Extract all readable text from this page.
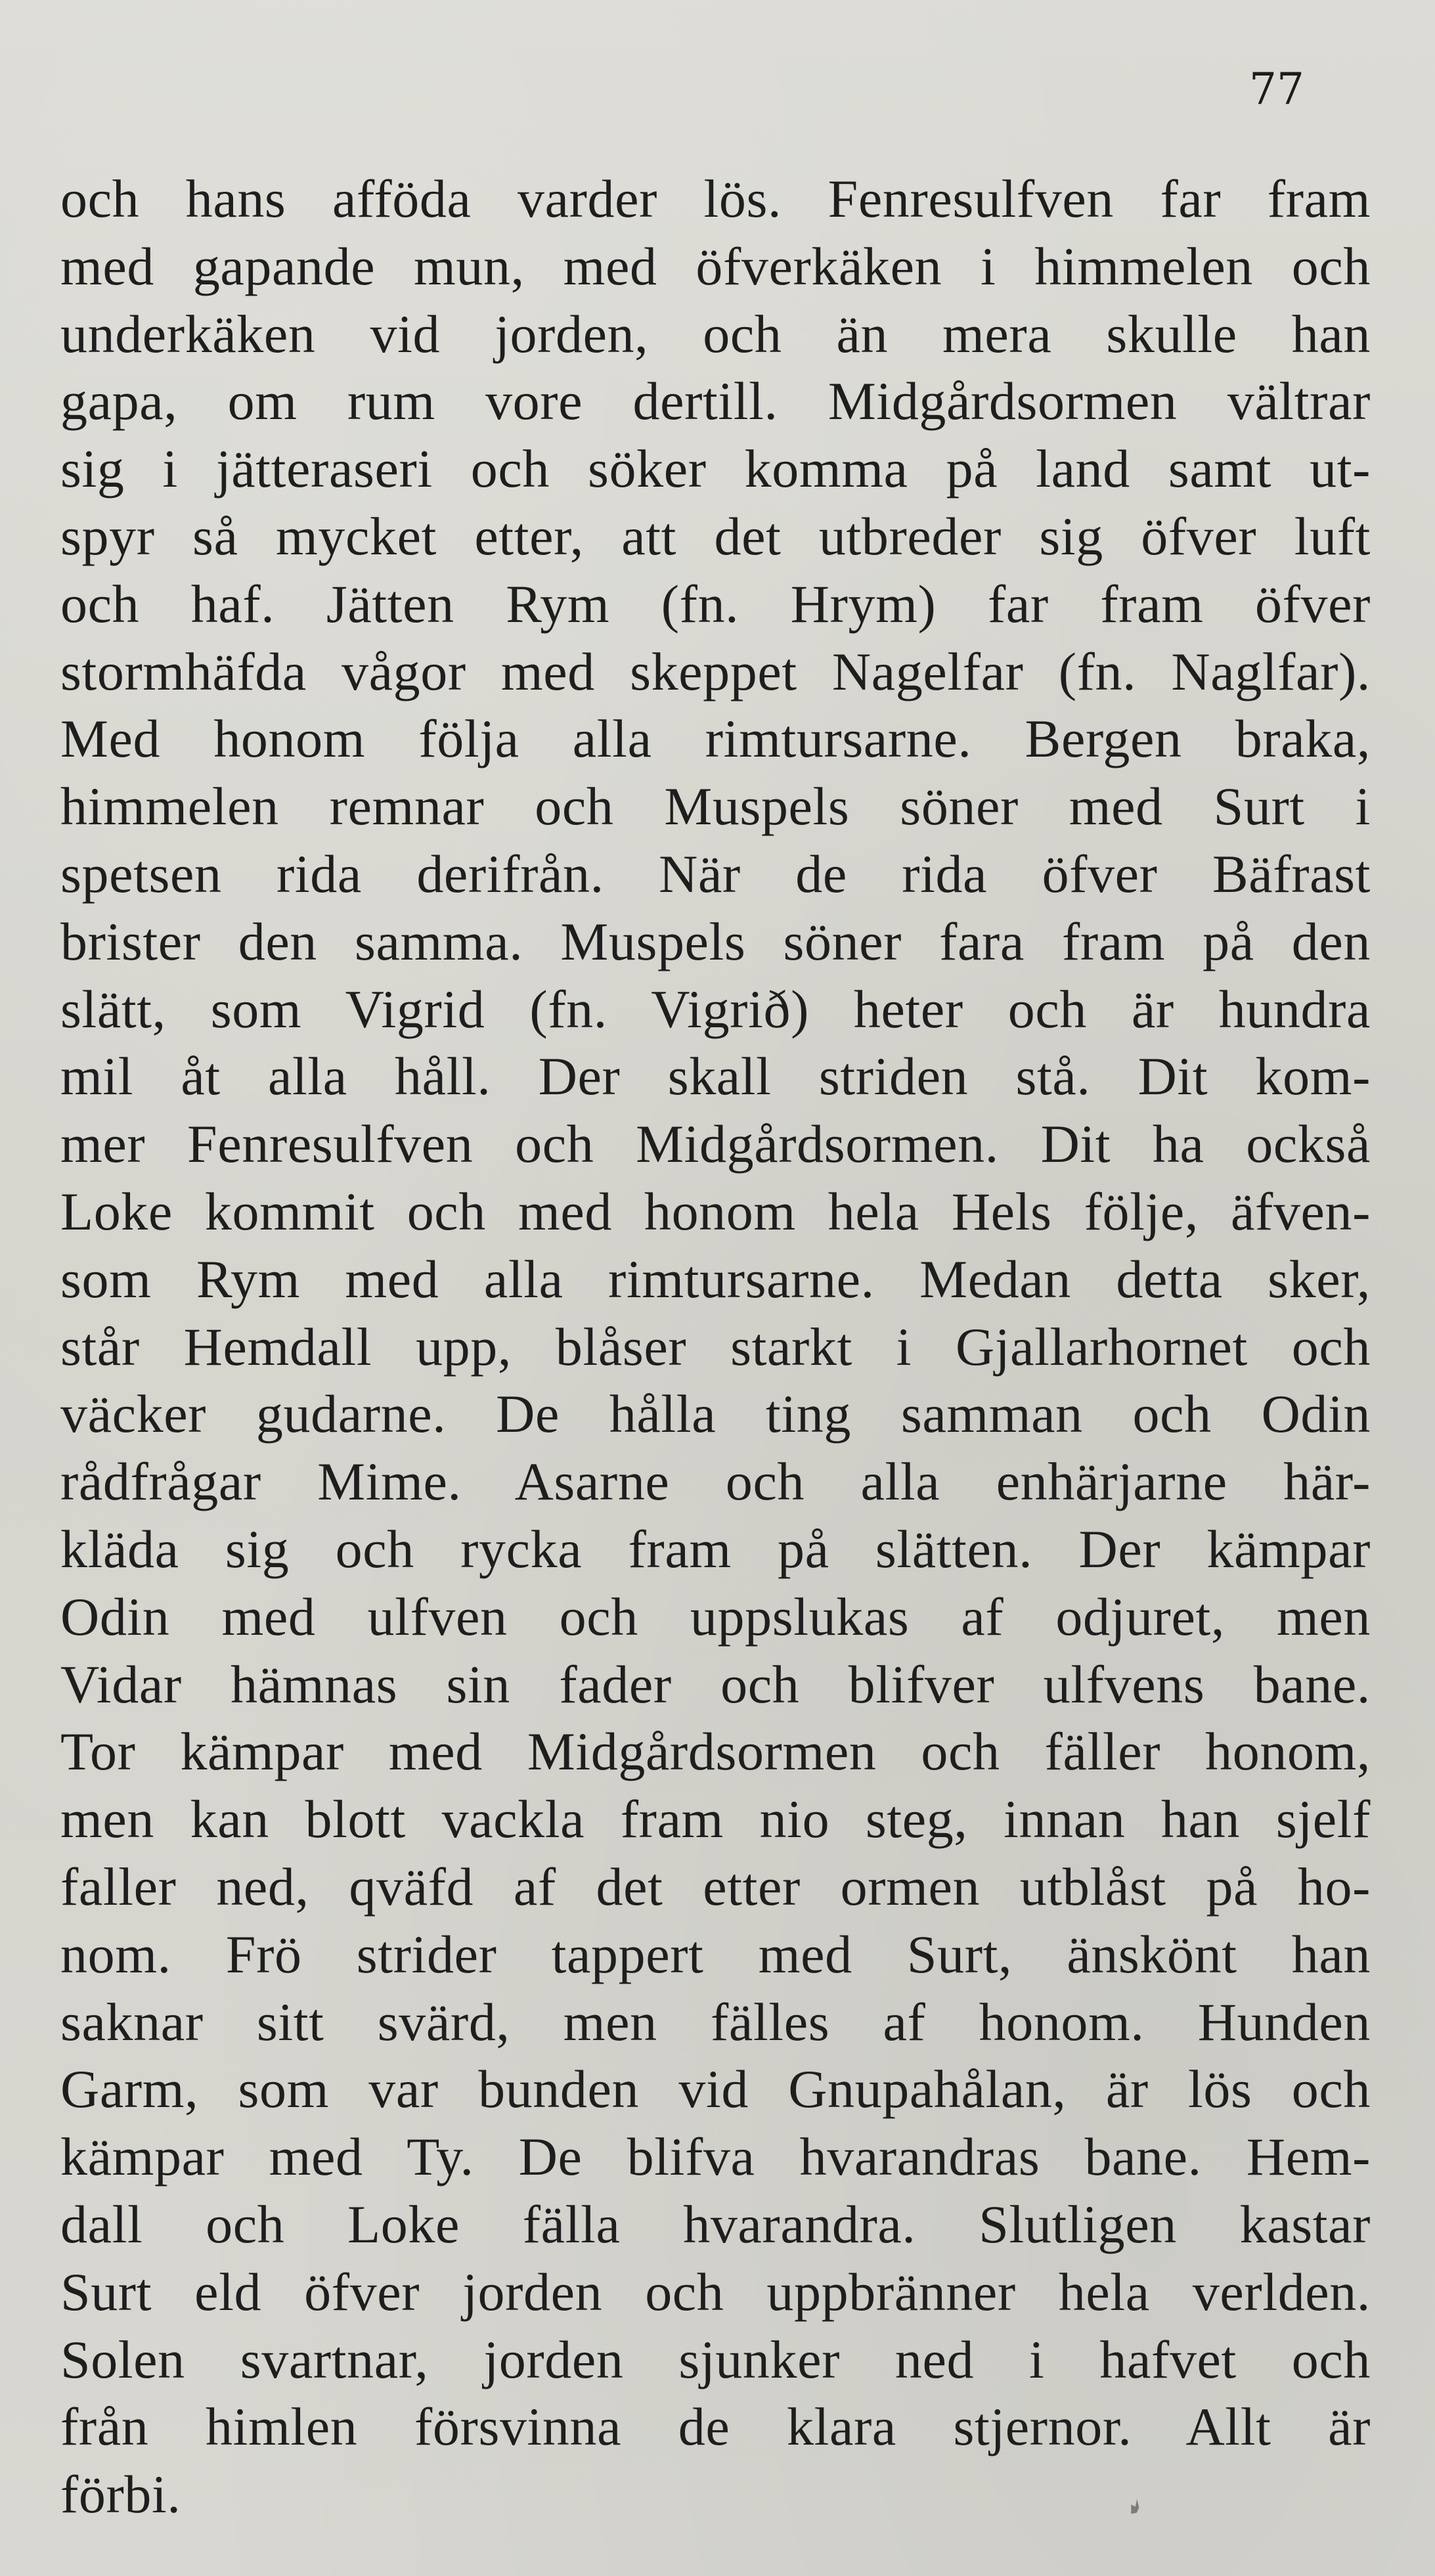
77
och hans afföda varder lös. Fenresulfven far fram
med gapande mun, med öfverkäken i himmelen och
underkäken vid jorden, och än mera skulle han
gapa, om rum vore dertill. Midgårdsormen vältrar
sig i jätteraseri och söker komma på land samt ut-
spyr så mycket etter, att det utbreder sig öfver luft
och haf. Jätten Rym (fn. Hrym) far fram öfver
stormhäfda vågor med skeppet Nagelfar (fn. Naglfar).
Med honom följa alla rimtursarne. Bergen braka,
himmelen remnar och Muspels söner med Surt i
spetsen rida derifrån. När de rida öfver Bäfrast
brister den samma. Muspels söner fara fram på den
slätt, som Vigrid (fn. Vigrið) heter och är hundra
mil åt alla håll. Der skall striden stå. Dit kom-
mer Fenresulfven och Midgårdsormen. Dit ha också
Loke kommit och med honom hela Hels följe, äfven-
som Rym med alla rimtursarne. Medan detta sker,
står Hemdall upp, blåser starkt i Gjallarhornet och
väcker gudarne. De hålla ting samman och Odin
rådfrågar Mime. Asarne och alla enhärjarne här-
kläda sig och rycka fram på slätten. Der kämpar
Odin med ulfven och uppslukas af odjuret, men
Vidar hämnas sin fader och blifver ulfvens bane.
Tor kämpar med Midgårdsormen och fäller honom,
men kan blott vackla fram nio steg, innan han sjelf
faller ned, qväfd af det etter ormen utblåst på ho-
nom. Frö strider tappert med Surt, änskönt han
saknar sitt svärd, men fälles af honom. Hunden
Garm, som var bunden vid Gnupahålan, är lös och
kämpar med Ty. De blifva hvarandras bane. Hem-
dall och Loke fälla hvarandra. Slutligen kastar
Surt eld öfver jorden och uppbränner hela verlden.
Solen svartnar, jorden sjunker ned i hafvet och
från himlen försvinna de klara stjernor. Allt är
förbi.
